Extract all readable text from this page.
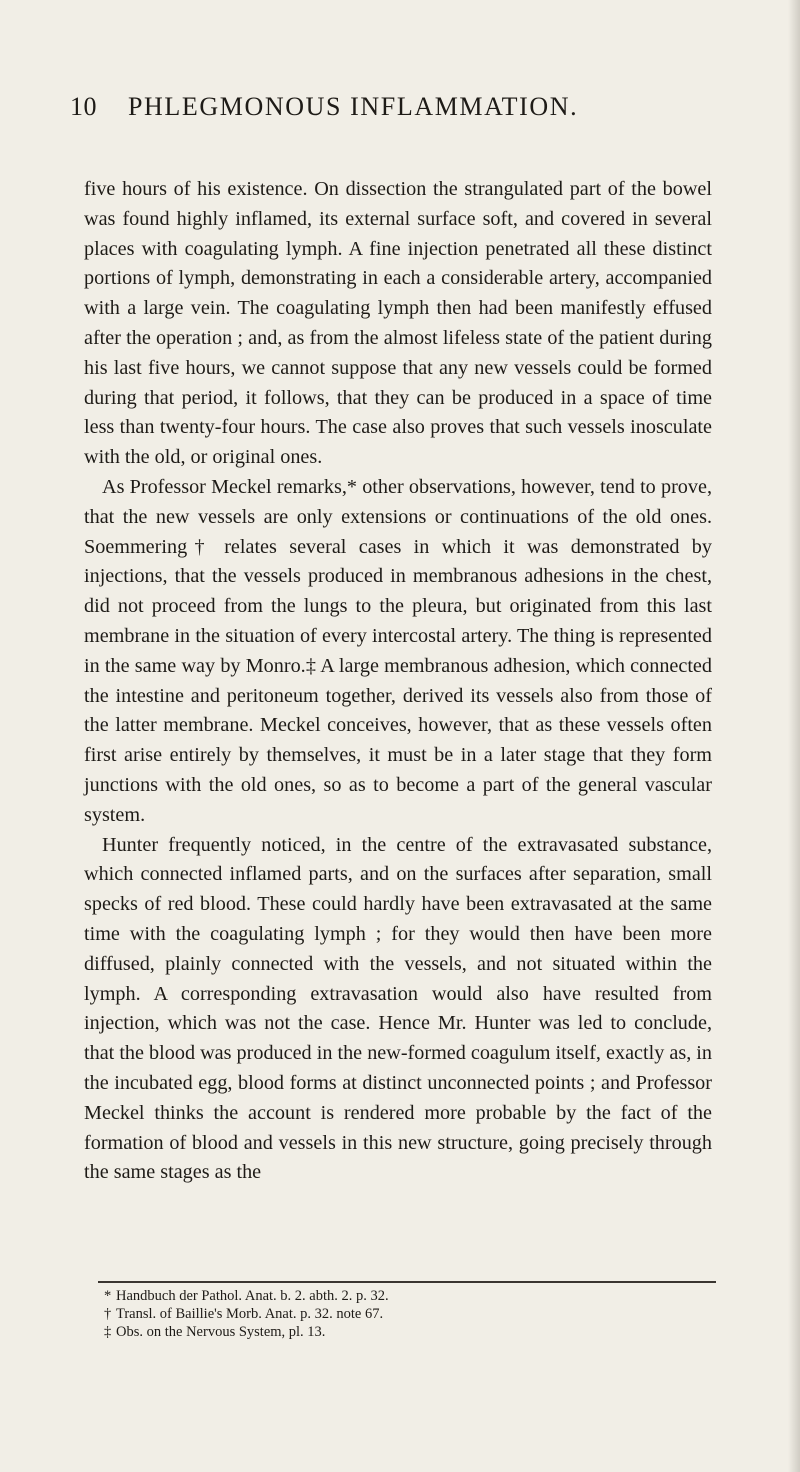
10 PHLEGMONOUS INFLAMMATION.

five hours of his existence. On dissection the strangulated part of the bowel was found highly inflamed, its external surface soft, and covered in several places with coagulating lymph. A fine injection penetrated all these distinct portions of lymph, demonstrating in each a considerable artery, accompanied with a large vein. The coagulating lymph then had been manifestly effused after the operation ; and, as from the almost lifeless state of the patient during his last five hours, we cannot suppose that any new vessels could be formed during that period, it follows, that they can be produced in a space of time less than twenty-four hours. The case also proves that such vessels inosculate with the old, or original ones.

As Professor Meckel remarks,* other observations, however, tend to prove, that the new vessels are only extensions or continuations of the old ones. Soemmering† relates several cases in which it was demonstrated by injections, that the vessels produced in membranous adhesions in the chest, did not proceed from the lungs to the pleura, but originated from this last membrane in the situation of every intercostal artery. The thing is represented in the same way by Monro.‡ A large membranous adhesion, which connected the intestine and peritoneum together, derived its vessels also from those of the latter membrane. Meckel conceives, however, that as these vessels often first arise entirely by themselves, it must be in a later stage that they form junctions with the old ones, so as to become a part of the general vascular system.

Hunter frequently noticed, in the centre of the extravasated substance, which connected inflamed parts, and on the surfaces after separation, small specks of red blood. These could hardly have been extravasated at the same time with the coagulating lymph ; for they would then have been more diffused, plainly connected with the vessels, and not situated within the lymph. A corresponding extravasation would also have resulted from injection, which was not the case. Hence Mr. Hunter was led to conclude, that the blood was produced in the new-formed coagulum itself, exactly as, in the incubated egg, blood forms at distinct unconnected points ; and Professor Meckel thinks the account is rendered more probable by the fact of the formation of blood and vessels in this new structure, going precisely through the same stages as the

* Handbuch der Pathol. Anat. b. 2. abth. 2. p. 32.

† Transl. of Baillie's Morb. Anat. p. 32. note 67.

‡ Obs. on the Nervous System, pl. 13.
